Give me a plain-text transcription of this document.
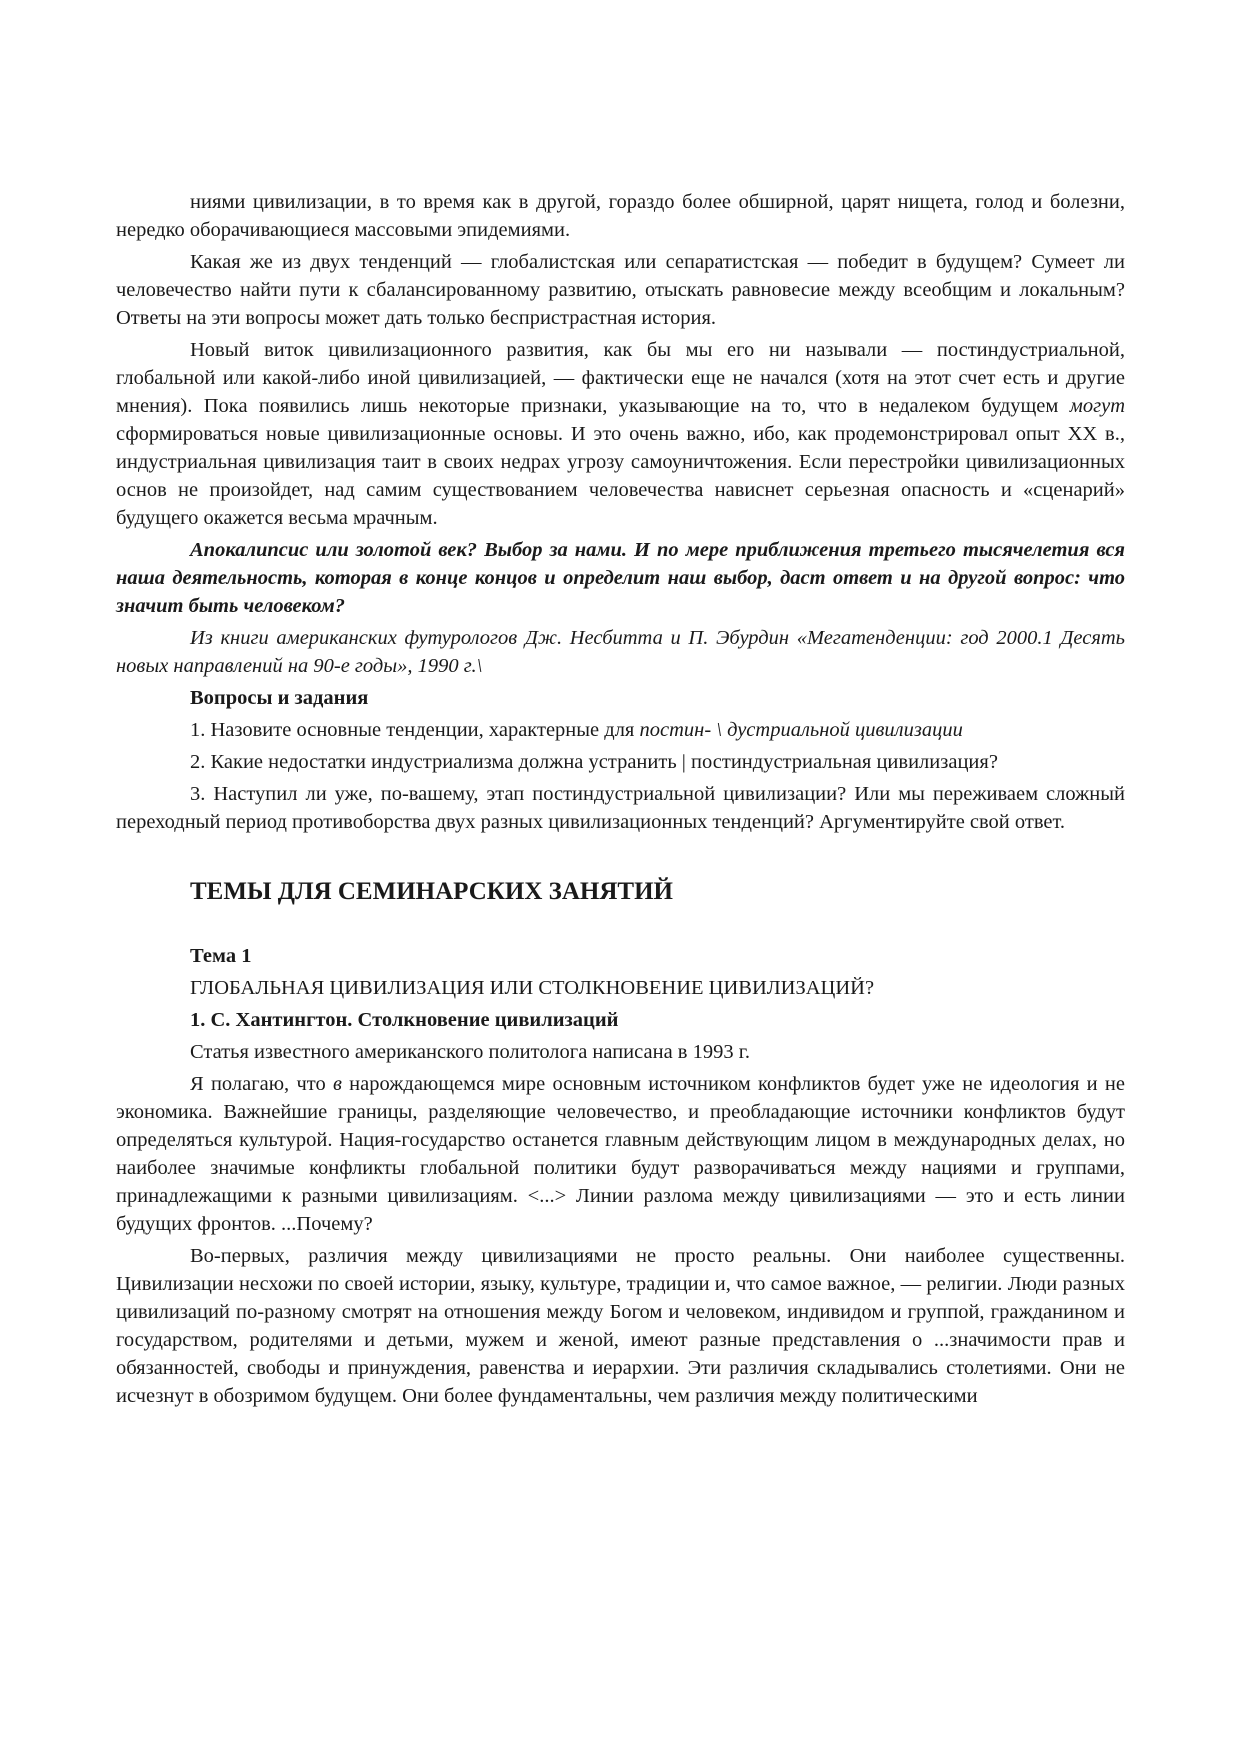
ниями цивилизации, в то время как в другой, гораздо более обширной, царят нищета, голод и болезни, нередко оборачивающиеся массовыми эпидемиями.

Какая же из двух тенденций — глобалистская или сепаратистская — победит в будущем? Сумеет ли человечество найти пути к сбалансированному развитию, отыскать равновесие между всеобщим и локальным? Ответы на эти вопросы может дать только беспристрастная история.

Новый виток цивилизационного развития, как бы мы его ни называли — постиндустриальной, глобальной или какой-либо иной цивилизацией, — фактически еще не начался (хотя на этот счет есть и другие мнения). Пока появились лишь некоторые признаки, указывающие на то, что в недалеком будущем могут сформироваться новые цивилизационные основы. И это очень важно, ибо, как продемонстрировал опыт XX в., индустриальная цивилизация таит в своих недрах угрозу самоуничтожения. Если перестройки цивилизационных основ не произойдет, над самим существованием человечества нависнет серьезная опасность и «сценарий» будущего окажется весьма мрачным.

Апокалипсис или золотой век? Выбор за нами. И по мере приближения третьего тысячелетия вся наша деятельность, которая в конце концов и определит наш выбор, даст ответ и на другой вопрос: что значит быть человеком?

Из книги американских футурологов Дж. Несбитта и П. Эбурдин «Мегатенденции: год 2000.1 Десять новых направлений на 90-е годы», 1990 г.\

Вопросы и задания

1. Назовите основные тенденции, характерные для постин- \ дустриальной цивилизации

2. Какие недостатки индустриализма должна устранить | постиндустриальная цивилизация?

3. Наступил ли уже, по-вашему, этап постиндустриальной цивилизации? Или мы переживаем сложный переходный период противоборства двух разных цивилизационных тенденций? Аргументируйте свой ответ.

ТЕМЫ ДЛЯ СЕМИНАРСКИХ ЗАНЯТИЙ

Тема 1

ГЛОБАЛЬНАЯ ЦИВИЛИЗАЦИЯ ИЛИ СТОЛКНОВЕНИЕ ЦИВИЛИЗАЦИЙ?

1. С. Хантингтон. Столкновение цивилизаций

Статья известного американского политолога написана в 1993 г.

Я полагаю, что в нарождающемся мире основным источником конфликтов будет уже не идеология и не экономика. Важнейшие границы, разделяющие человечество, и преобладающие источники конфликтов будут определяться культурой. Нация-государство останется главным действующим лицом в международных делах, но наиболее значимые конфликты глобальной политики будут разворачиваться между нациями и группами, принадлежащими к разными цивилизациям. <...> Линии разлома между цивилизациями — это и есть линии будущих фронтов. ...Почему?

Во-первых, различия между цивилизациями не просто реальны. Они наиболее существенны. Цивилизации несхожи по своей истории, языку, культуре, традиции и, что самое важное, — религии. Люди разных цивилизаций по-разному смотрят на отношения между Богом и человеком, индивидом и группой, гражданином и государством, родителями и детьми, мужем и женой, имеют разные представления о ...значимости прав и обязанностей, свободы и принуждения, равенства и иерархии. Эти различия складывались столетиями. Они не исчезнут в обозримом будущем. Они более фундаментальны, чем различия между политическими
